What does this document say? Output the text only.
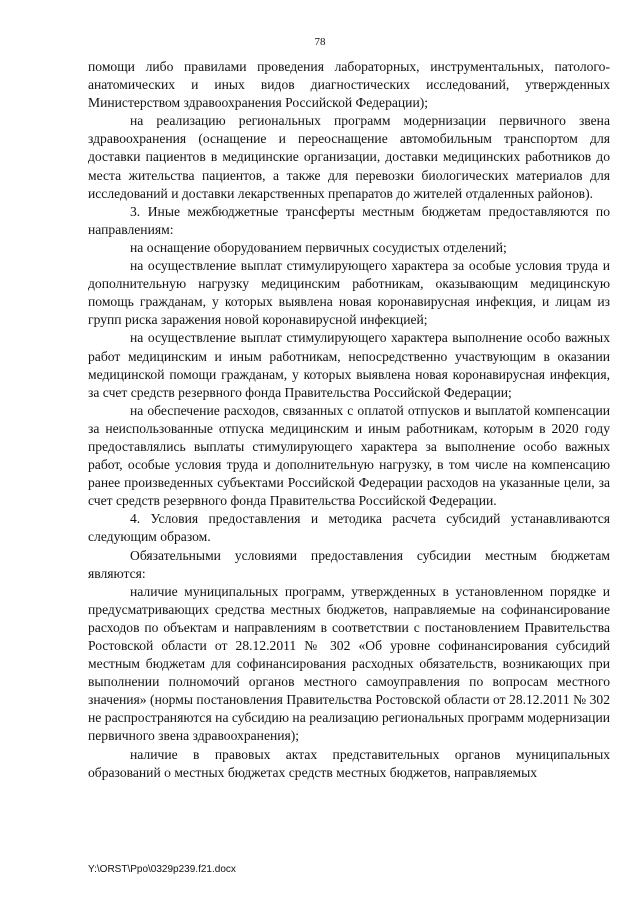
78

помощи либо правилами проведения лабораторных, инструментальных, патолого-анатомических и иных видов диагностических исследований, утвержденных Министерством здравоохранения Российской Федерации);

на реализацию региональных программ модернизации первичного звена здравоохранения (оснащение и переоснащение автомобильным транспортом для доставки пациентов в медицинские организации, доставки медицинских работников до места жительства пациентов, а также для перевозки биологических материалов для исследований и доставки лекарственных препаратов до жителей отдаленных районов).

3. Иные межбюджетные трансферты местным бюджетам предоставляются по направлениям:

на оснащение оборудованием первичных сосудистых отделений;

на осуществление выплат стимулирующего характера за особые условия труда и дополнительную нагрузку медицинским работникам, оказывающим медицинскую помощь гражданам, у которых выявлена новая коронавирусная инфекция, и лицам из групп риска заражения новой коронавирусной инфекцией;

на осуществление выплат стимулирующего характера выполнение особо важных работ медицинским и иным работникам, непосредственно участвующим в оказании медицинской помощи гражданам, у которых выявлена новая коронавирусная инфекция, за счет средств резервного фонда Правительства Российской Федерации;

на обеспечение расходов, связанных с оплатой отпусков и выплатой компенсации за неиспользованные отпуска медицинским и иным работникам, которым в 2020 году предоставлялись выплаты стимулирующего характера за выполнение особо важных работ, особые условия труда и дополнительную нагрузку, в том числе на компенсацию ранее произведенных субъектами Российской Федерации расходов на указанные цели, за счет средств резервного фонда Правительства Российской Федерации.

4. Условия предоставления и методика расчета субсидий устанавливаются следующим образом.

Обязательными условиями предоставления субсидии местным бюджетам являются:

наличие муниципальных программ, утвержденных в установленном порядке и предусматривающих средства местных бюджетов, направляемые на софинансирование расходов по объектам и направлениям в соответствии с постановлением Правительства Ростовской области от 28.12.2011 № 302 «Об уровне софинансирования субсидий местным бюджетам для софинансирования расходных обязательств, возникающих при выполнении полномочий органов местного самоуправления по вопросам местного значения» (нормы постановления Правительства Ростовской области от 28.12.2011 № 302 не распространяются на субсидию на реализацию региональных программ модернизации первичного звена здравоохранения);

наличие в правовых актах представительных органов муниципальных образований о местных бюджетах средств местных бюджетов, направляемых

Y:\ORST\Ppo\0329p239.f21.docx
